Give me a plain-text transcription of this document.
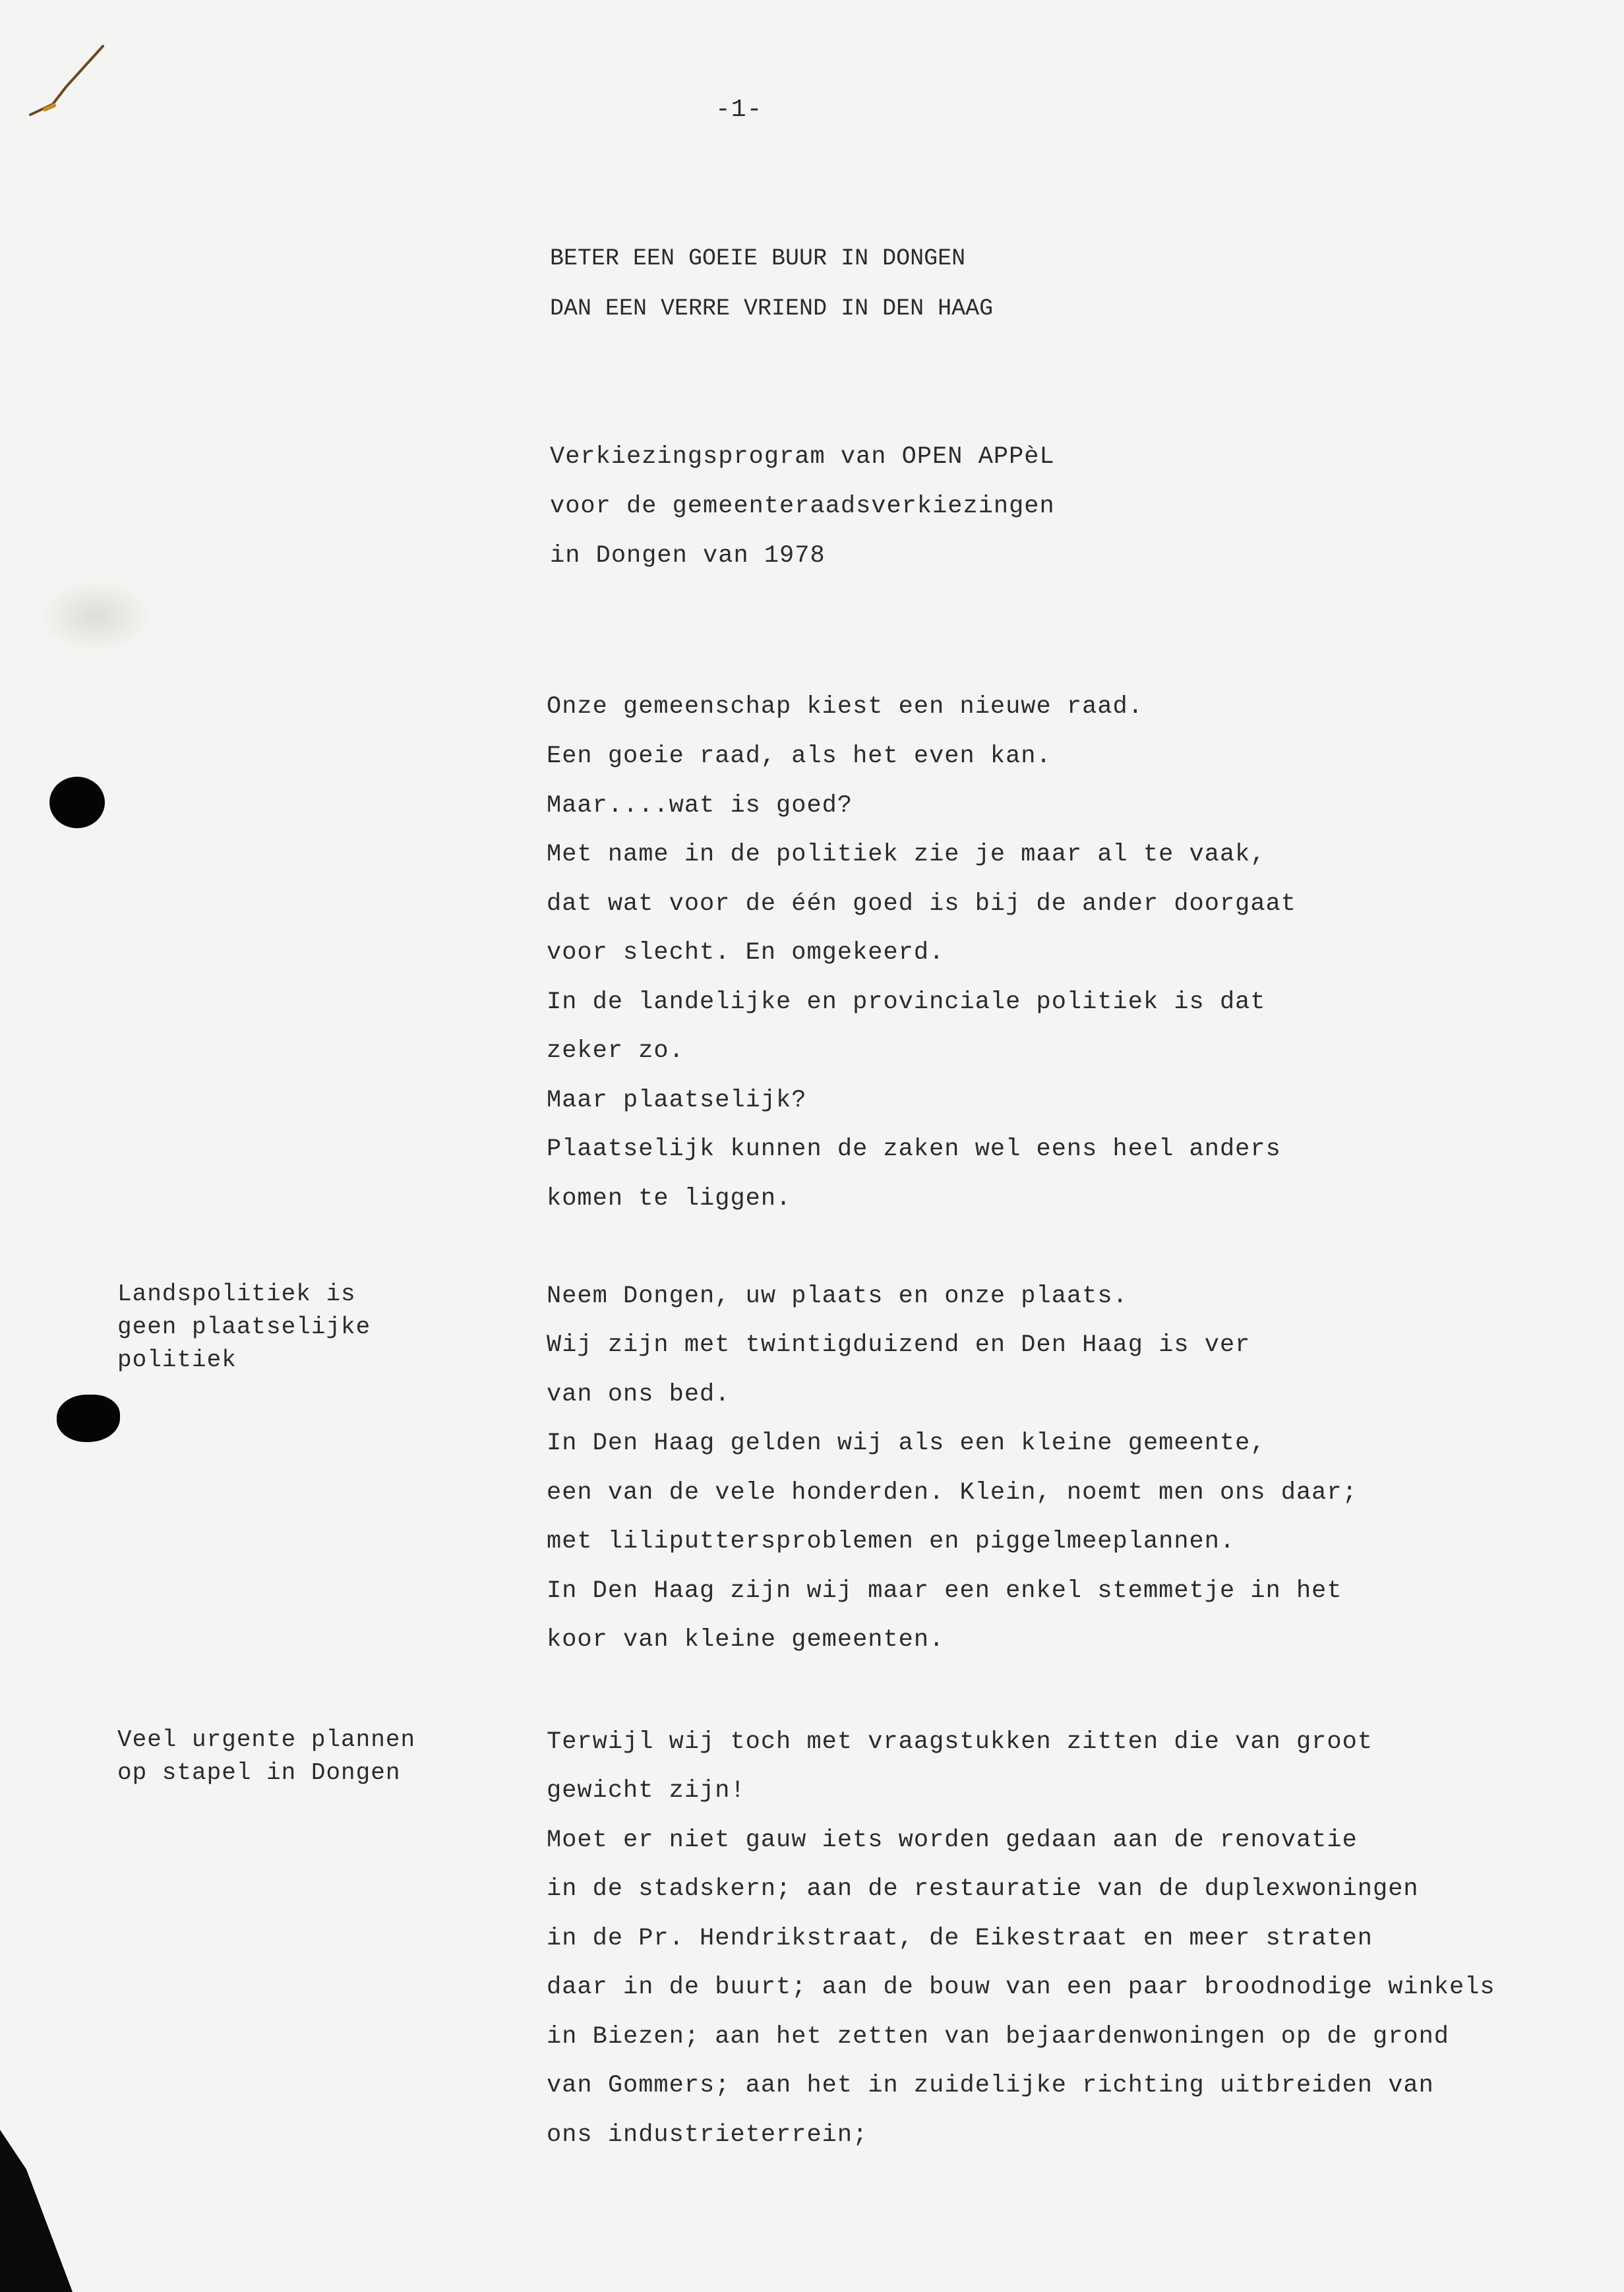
-1-
BETER EEN GOEIE BUUR IN DONGEN
DAN EEN VERRE VRIEND IN DEN HAAG
Verkiezingsprogram van OPEN APPèL
voor de gemeenteraadsverkiezingen
in Dongen van 1978
Onze gemeenschap kiest een nieuwe raad.
Een goeie raad, als het even kan.
Maar....wat is goed?
Met name in de politiek zie je maar al te vaak,
dat wat voor de één goed is bij de ander doorgaat
voor slecht. En omgekeerd.
In de landelijke en provinciale politiek is dat
zeker zo.
Maar plaatselijk?
Plaatselijk kunnen de zaken wel eens heel anders
komen te liggen.
Landspolitiek is
geen plaatselijke
politiek
Neem Dongen, uw plaats en onze plaats.
Wij zijn met twintigduizend en Den Haag is ver
van ons bed.
In Den Haag gelden wij als een kleine gemeente,
een van de vele honderden. Klein, noemt men ons daar;
met liliputtersproblemen en piggelmeeplannen.
In Den Haag zijn wij maar een enkel stemmetje in het
koor van kleine gemeenten.
Veel urgente plannen
op stapel in Dongen
Terwijl wij toch met vraagstukken zitten die van groot
gewicht zijn!
Moet er niet gauw iets worden gedaan aan de renovatie
in de stadskern; aan de restauratie van de duplexwoningen
in de Pr. Hendrikstraat, de Eikestraat en meer straten
daar in de buurt; aan de bouw van een paar broodnodige winkels
in Biezen; aan het zetten van bejaardenwoningen op de grond
van Gommers; aan het in zuidelijke richting uitbreiden van
ons industrieterrein;
